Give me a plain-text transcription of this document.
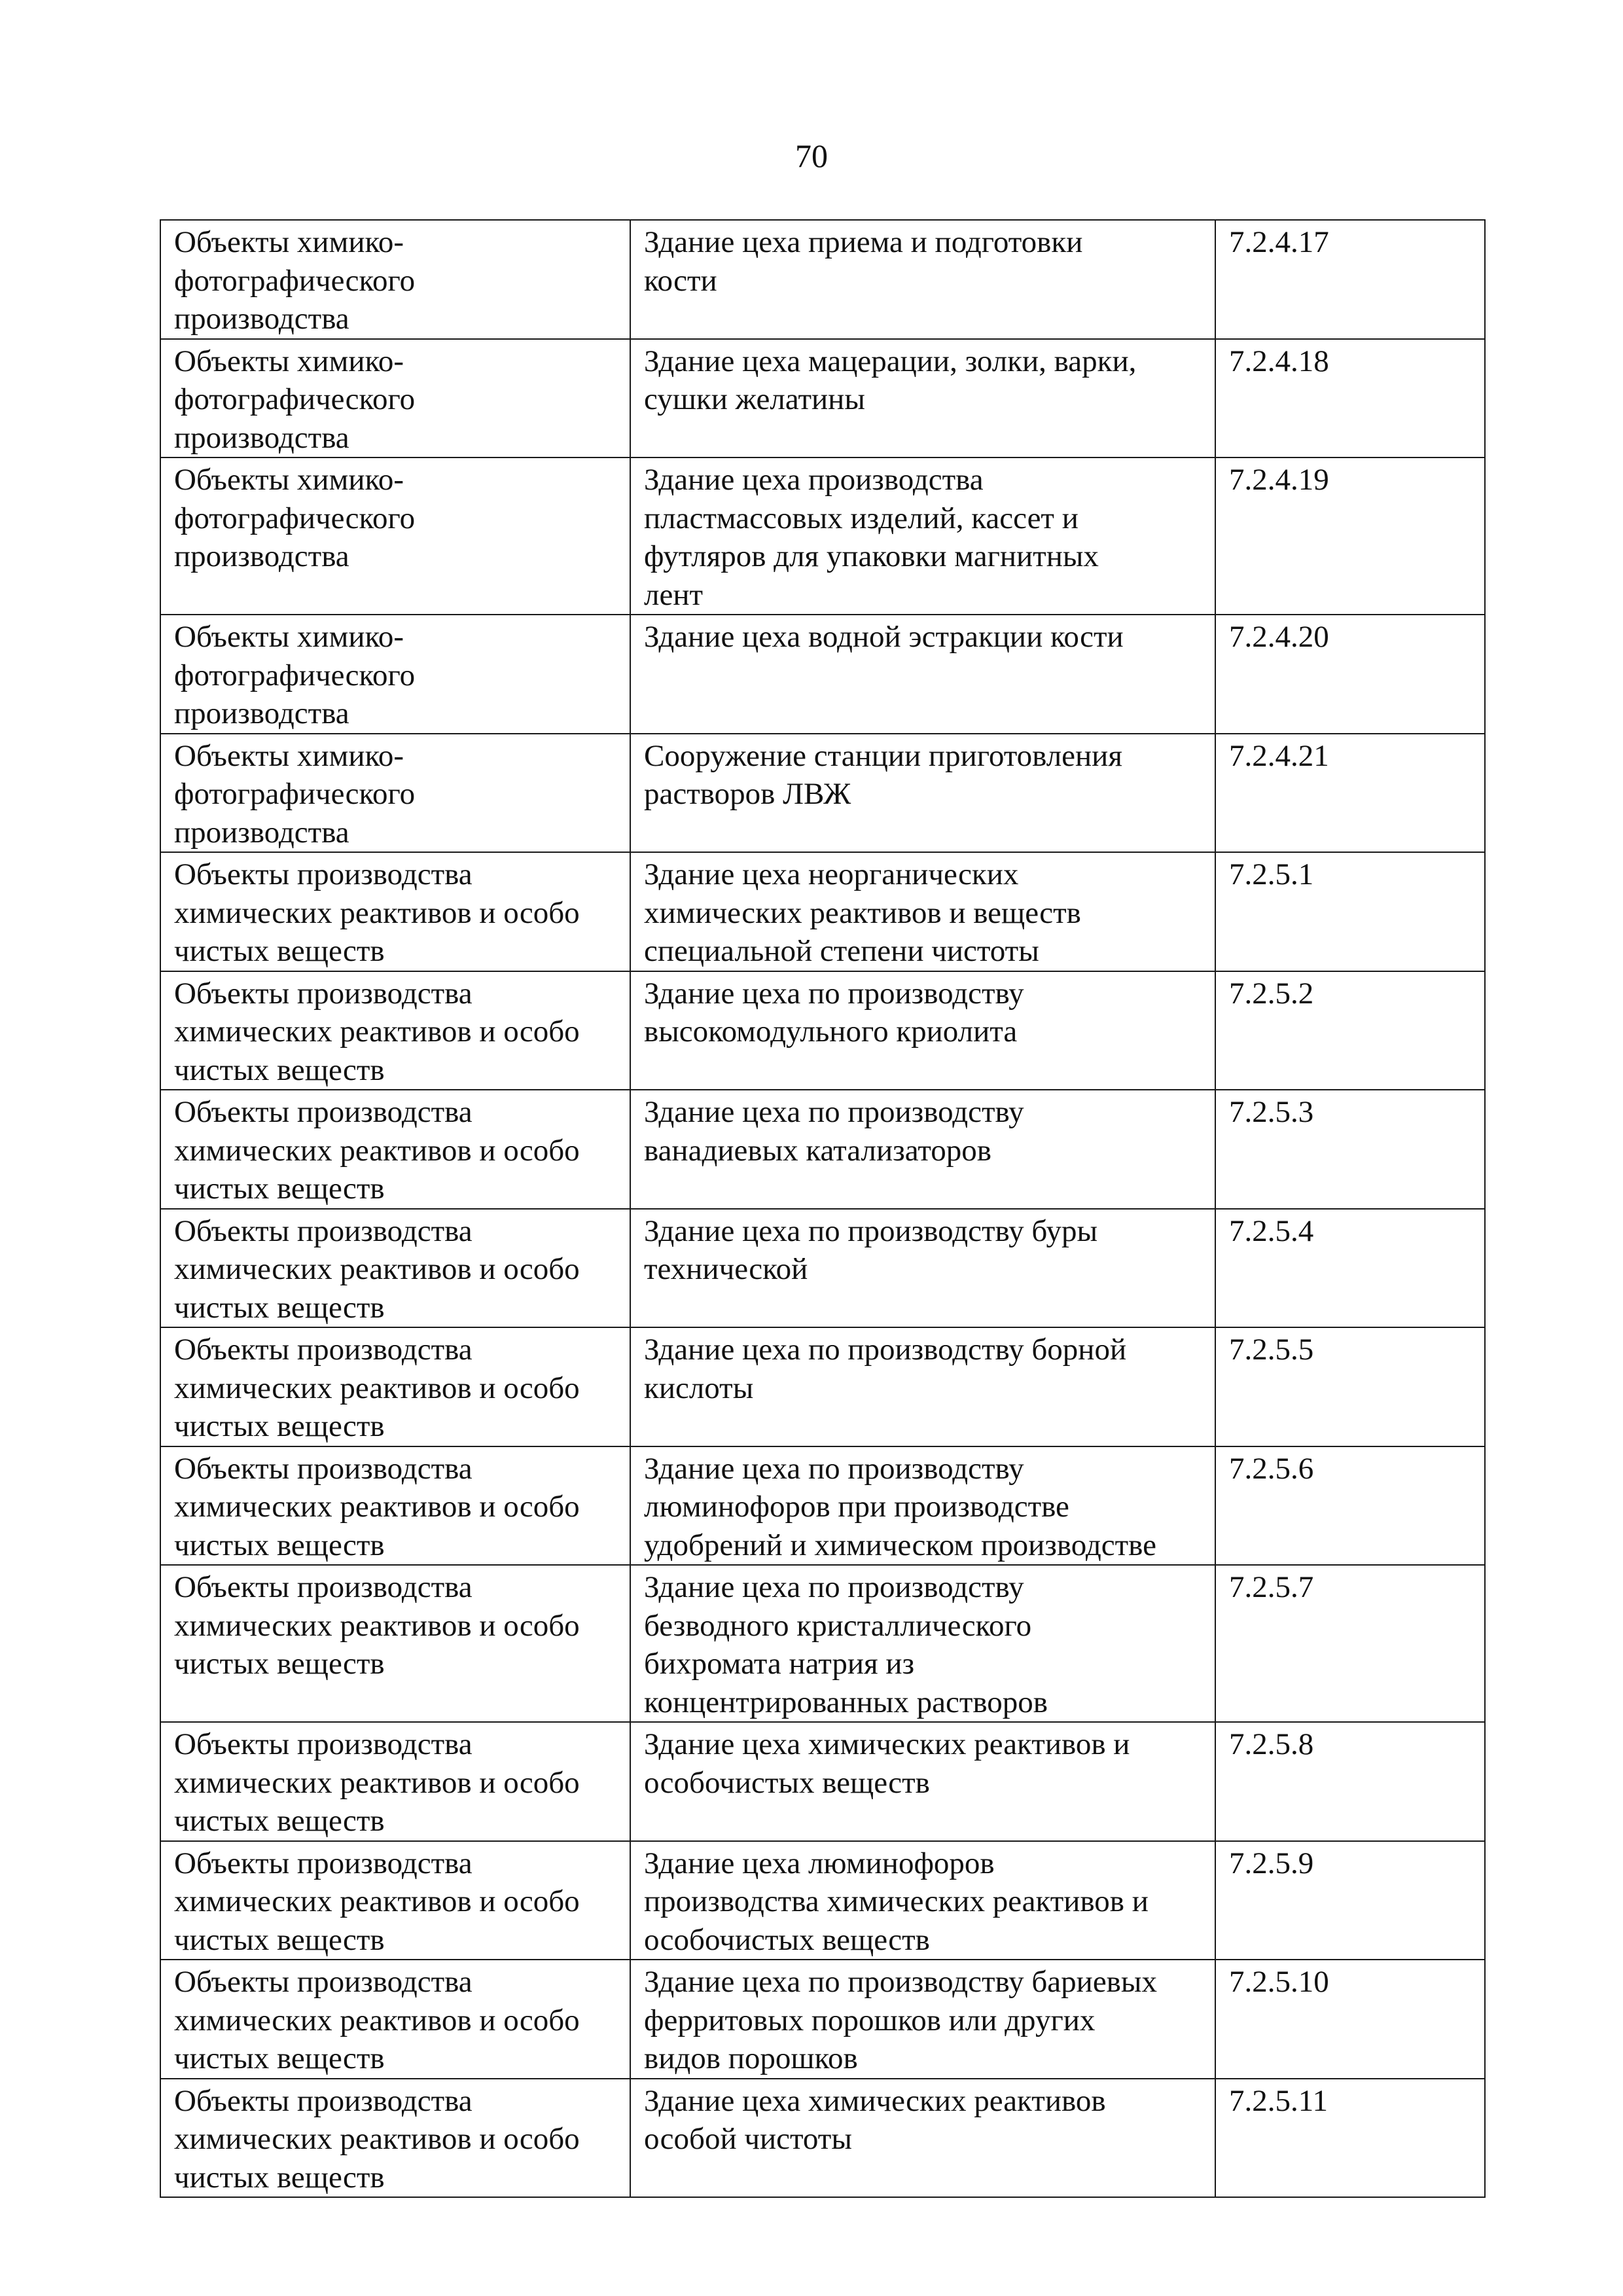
70
Объекты химико-
фотографического
производства	Здание цеха приема и подготовки
кости	7.2.4.17
Объекты химико-
фотографического
производства	Здание цеха мацерации, золки, варки,
сушки желатины	7.2.4.18
Объекты химико-
фотографического
производства	Здание цеха производства
пластмассовых изделий, кассет и
футляров для упаковки магнитных
лент	7.2.4.19
Объекты химико-
фотографического
производства	Здание цеха водной эстракции кости	7.2.4.20
Объекты химико-
фотографического
производства	Сооружение станции приготовления
растворов ЛВЖ	7.2.4.21
Объекты производства
химических реактивов и особо
чистых веществ	Здание цеха неорганических
химических реактивов и веществ
специальной степени чистоты	7.2.5.1
Объекты производства
химических реактивов и особо
чистых веществ	Здание цеха по производству
высокомодульного криолита	7.2.5.2
Объекты производства
химических реактивов и особо
чистых веществ	Здание цеха по производству
ванадиевых катализаторов	7.2.5.3
Объекты производства
химических реактивов и особо
чистых веществ	Здание цеха по производству буры
технической	7.2.5.4
Объекты производства
химических реактивов и особо
чистых веществ	Здание цеха по производству борной
кислоты	7.2.5.5
Объекты производства
химических реактивов и особо
чистых веществ	Здание цеха по производству
люминофоров при производстве
удобрений и химическом производстве	7.2.5.6
Объекты производства
химических реактивов и особо
чистых веществ	Здание цеха по производству
безводного кристаллического
бихромата натрия из
концентрированных растворов	7.2.5.7
Объекты производства
химических реактивов и особо
чистых веществ	Здание цеха химических реактивов и
особочистых веществ	7.2.5.8
Объекты производства
химических реактивов и особо
чистых веществ	Здание цеха люминофоров
производства химических реактивов и
особочистых веществ	7.2.5.9
Объекты производства
химических реактивов и особо
чистых веществ	Здание цеха по производству бариевых
ферритовых порошков или других
видов порошков	7.2.5.10
Объекты производства
химических реактивов и особо
чистых веществ	Здание цеха химических реактивов
особой чистоты	7.2.5.11
